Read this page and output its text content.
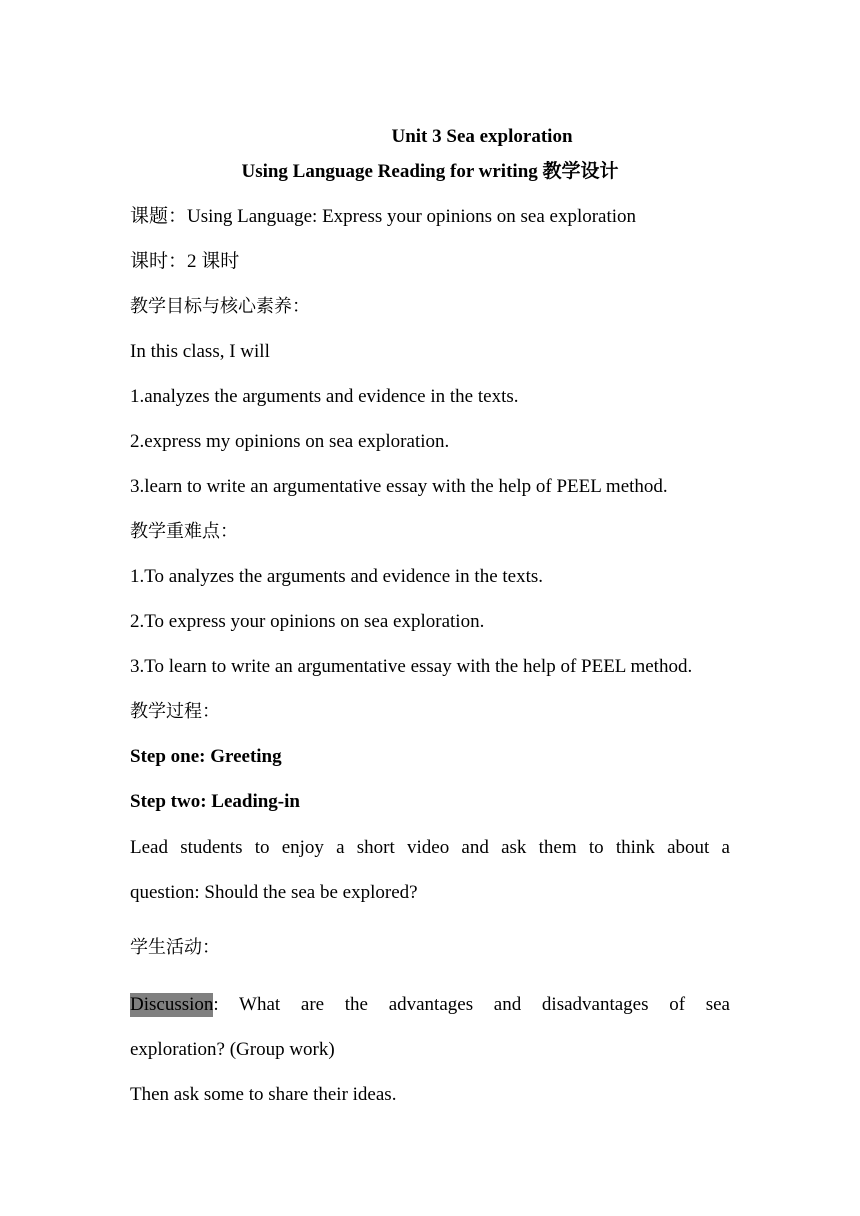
Unit 3 Sea exploration
Using Language Reading for writing 教学设计
课题：Using Language: Express your opinions on sea exploration
课时：2 课时
教学目标与核心素养：
In this class, I will
1.analyzes the arguments and evidence in the texts.
2.express my opinions on sea exploration.
3.learn to write an argumentative essay with the help of PEEL method.
教学重难点：
1.To analyzes the arguments and evidence in the texts.
2.To express your opinions on sea exploration.
3.To learn to write an argumentative essay with the help of PEEL method.
教学过程：
Step one: Greeting
Step two: Leading-in
Lead students to enjoy a short video and ask them to think about a
question: Should the sea be explored?
学生活动：
Discussion : What are the advantages and disadvantages of sea
exploration? (Group work)
Then ask some to share their ideas.
